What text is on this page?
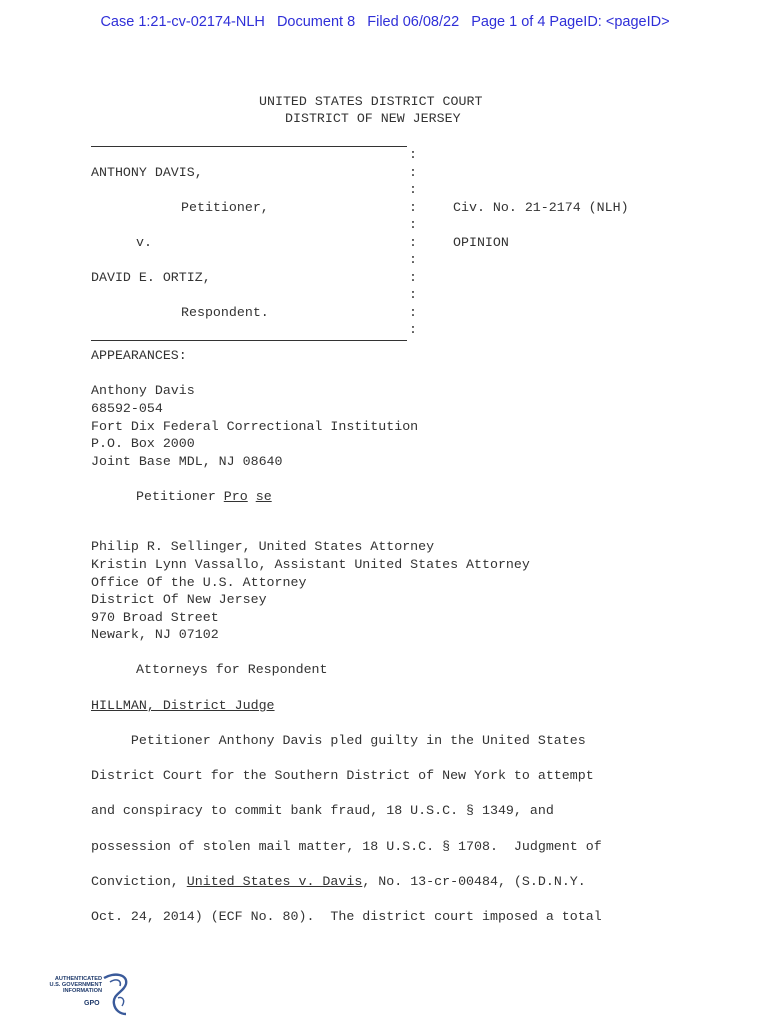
Case 1:21-cv-02174-NLH Document 8 Filed 06/08/22 Page 1 of 4 PageID: <pageID>
UNITED STATES DISTRICT COURT
DISTRICT OF NEW JERSEY
:
ANTHONY DAVIS,	:
:
Petitioner,	:	Civ. No. 21-2174 (NLH)
:
v.	:	OPINION
:
DAVID E. ORTIZ,	:
:
Respondent.	:
:
APPEARANCES:
Anthony Davis
68592-054
Fort Dix Federal Correctional Institution
P.O. Box 2000
Joint Base MDL, NJ 08640
Petitioner Pro se
Philip R. Sellinger, United States Attorney
Kristin Lynn Vassallo, Assistant United States Attorney
Office Of the U.S. Attorney
District Of New Jersey
970 Broad Street
Newark, NJ 07102
Attorneys for Respondent
HILLMAN, District Judge
Petitioner Anthony Davis pled guilty in the United States
District Court for the Southern District of New York to attempt
and conspiracy to commit bank fraud, 18 U.S.C. § 1349, and
possession of stolen mail matter, 18 U.S.C. § 1708.  Judgment of
Conviction, United States v. Davis, No. 13-cr-00484, (S.D.N.Y.
Oct. 24, 2014) (ECF No. 80).  The district court imposed a total
AUTHENTICATED
U.S. GOVERNMENT
INFORMATION
GPO
